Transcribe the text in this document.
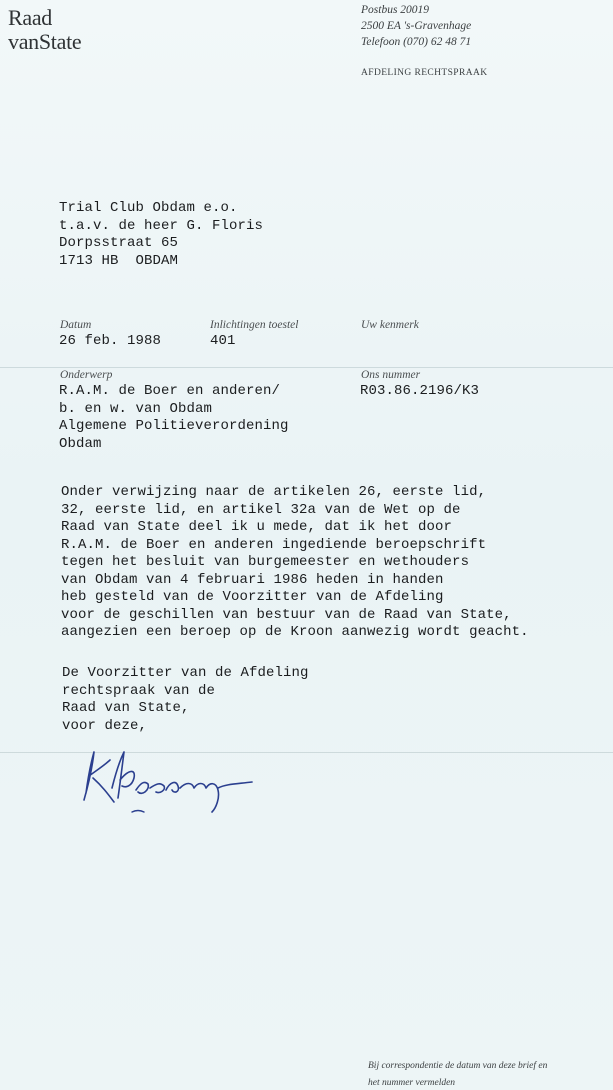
Raad
vanState
Postbus 20019
2500 EA 's-Gravenhage
Telefoon (070) 62 48 71
AFDELING RECHTSPRAAK
Trial Club Obdam e.o.
t.a.v. de heer G. Floris
Dorpsstraat 65
1713 HB  OBDAM
Datum
26 feb. 1988
Inlichtingen toestel
401
Uw kenmerk
Onderwerp
R.A.M. de Boer en anderen/
b. en w. van Obdam
Algemene Politieverordening
Obdam
Ons nummer
R03.86.2196/K3
Onder verwijzing naar de artikelen 26, eerste lid,
32, eerste lid, en artikel 32a van de Wet op de
Raad van State deel ik u mede, dat ik het door
R.A.M. de Boer en anderen ingediende beroepschrift
tegen het besluit van burgemeester en wethouders
van Obdam van 4 februari 1986 heden in handen
heb gesteld van de Voorzitter van de Afdeling
voor de geschillen van bestuur van de Raad van State,
aangezien een beroep op de Kroon aanwezig wordt geacht.
De Voorzitter van de Afdeling
rechtspraak van de
Raad van State,
voor deze,
Bij correspondentie de datum van deze brief en
het nummer vermelden
